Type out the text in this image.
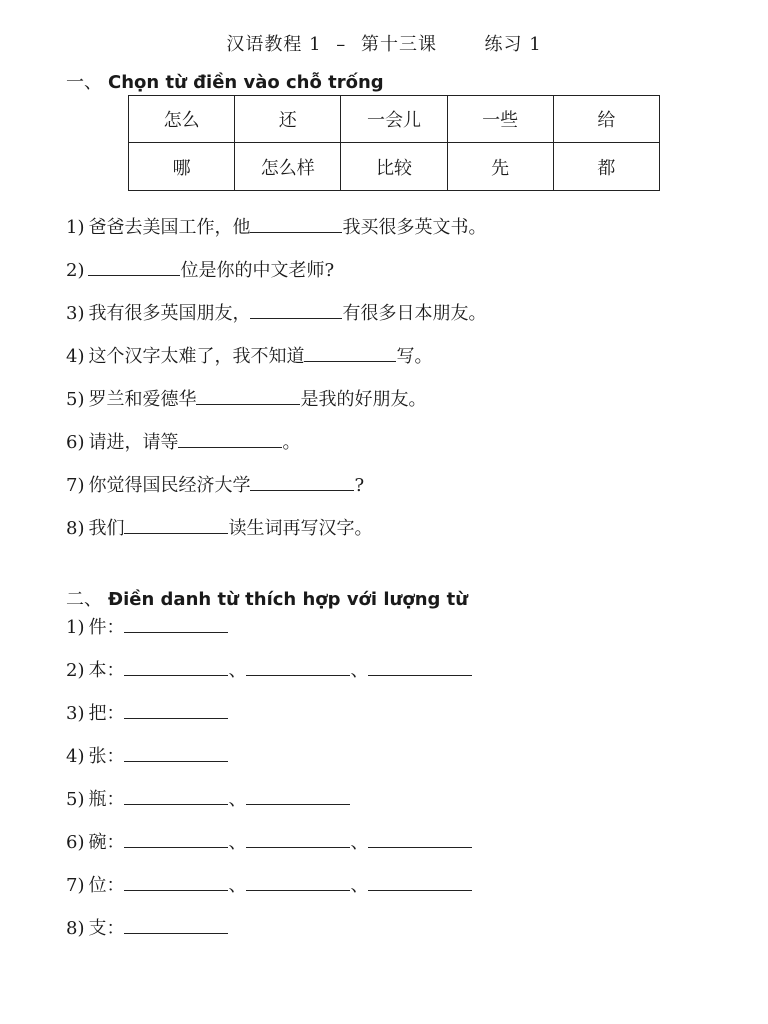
汉语教程 1 – 第十三课	练习 1
一、 Chọn từ điền vào chỗ trống
怎么	还	一会儿	一些	给
哪	怎么样	比较	先	都
1) 爸爸去美国工作，他	我买很多英文书。
2)	位是你的中文老师?
3) 我有很多英国朋友，	有很多日本朋友。
4) 这个汉字太难了，我不知道	写。
5) 罗兰和爱德华	是我的好朋友。
6) 请进，请等	。
7) 你觉得国民经济大学	?
8) 我们	读生词再写汉字。
二、 Điền danh từ thích hợp với lượng từ
1) 件：
2) 本：	、	、
3) 把：
4) 张：
5) 瓶：	、
6) 碗：	、	、
7) 位：	、	、
8) 支：
